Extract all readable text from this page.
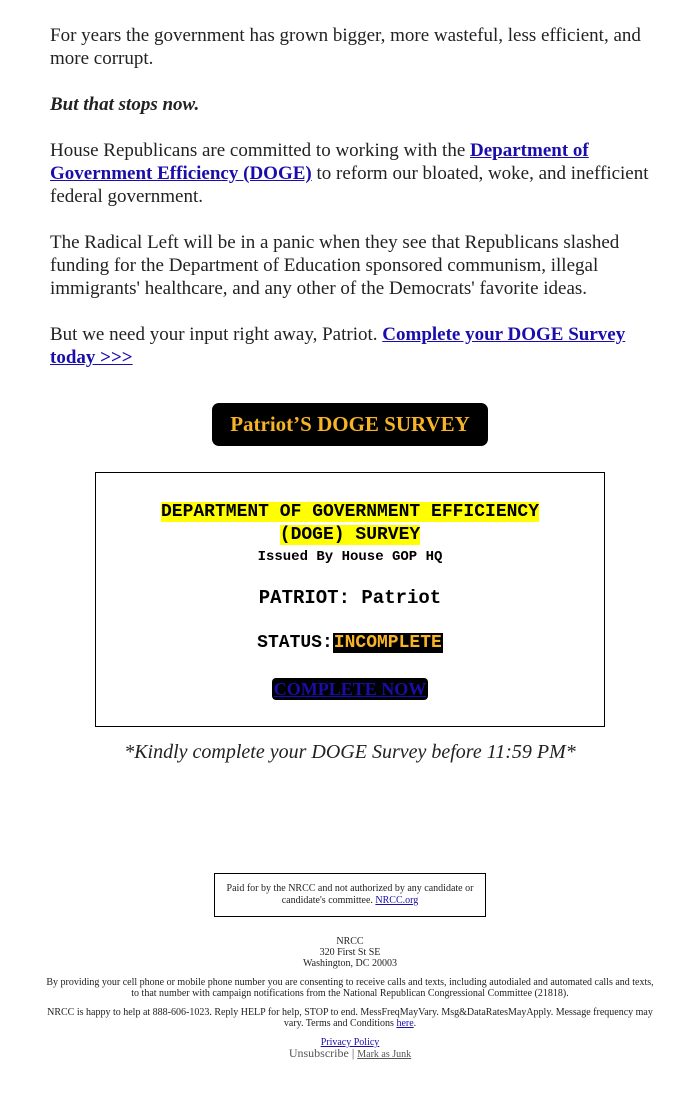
For years the government has grown bigger, more wasteful, less efficient, and more corrupt.

But that stops now.

House Republicans are committed to working with the Department of Government Efficiency (DOGE) to reform our bloated, woke, and inefficient federal government.

The Radical Left will be in a panic when they see that Republicans slashed funding for the Department of Education sponsored communism, illegal immigrants' healthcare, and any other of the Democrats' favorite ideas.

But we need your input right away, Patriot. Complete your DOGE Survey today >>>

Patriot’S DOGE SURVEY
DEPARTMENT OF GOVERNMENT EFFICIENCY
(DOGE) SURVEY
Issued By House GOP HQ
PATRIOT: Patriot
STATUS:INCOMPLETE
COMPLETE NOW
*Kindly complete your DOGE Survey before 11:59 PM*
Paid for by the NRCC and not authorized by any candidate or candidate's committee. NRCC.org
NRCC
320 First St SE
Washington, DC 20003
By providing your cell phone or mobile phone number you are consenting to receive calls and texts, including autodialed and automated calls and texts, to that number with campaign notifications from the National Republican Congressional Committee (21818).
NRCC is happy to help at 888-606-1023. Reply HELP for help, STOP to end. MessFreqMayVary. Msg&DataRatesMayApply. Message frequency may vary. Terms and Conditions here.
Privacy Policy
Unsubscribe | Mark as Junk
